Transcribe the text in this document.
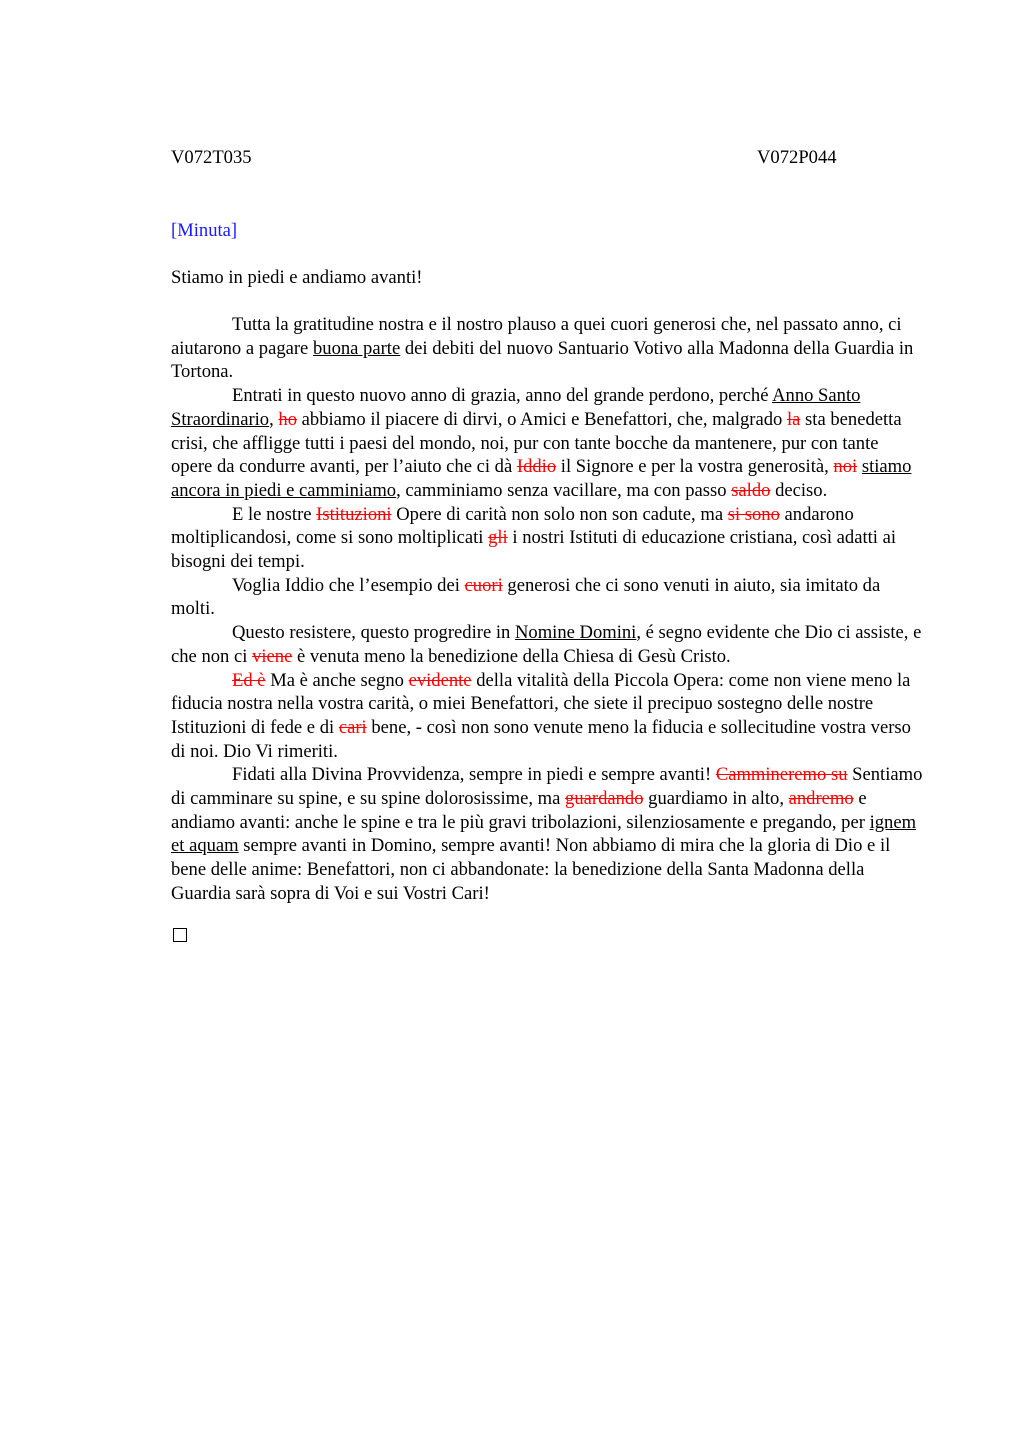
V072T035	V072P044
[Minuta]
Stiamo in piedi e andiamo avanti!

Tutta la gratitudine nostra e il nostro plauso a quei cuori generosi che, nel passato anno, ci aiutarono a pagare buona parte dei debiti del nuovo Santuario Votivo alla Madonna della Guardia in Tortona.

Entrati in questo nuovo anno di grazia, anno del grande perdono, perché Anno Santo Straordinario, ho abbiamo il piacere di dirvi, o Amici e Benefattori, che, malgrado la sta benedetta crisi, che affligge tutti i paesi del mondo, noi, pur con tante bocche da mantenere, pur con tante opere da condurre avanti, per l’aiuto che ci dà Iddio il Signore e per la vostra generosità, noi stiamo ancora in piedi e camminiamo, camminiamo senza vacillare, ma con passo saldo deciso.

E le nostre Istituzioni Opere di carità non solo non son cadute, ma si sono andarono moltiplicandosi, come si sono moltiplicati gli i nostri Istituti di educazione cristiana, così adatti ai bisogni dei tempi.

Voglia Iddio che l’esempio dei cuori generosi che ci sono venuti in aiuto, sia imitato da molti.

Questo resistere, questo progredire in Nomine Domini, é segno evidente che Dio ci assiste, e che non ci viene è venuta meno la benedizione della Chiesa di Gesù Cristo.

Ed è Ma è anche segno evidente della vitalità della Piccola Opera: come non viene meno la fiducia nostra nella vostra carità, o miei Benefattori, che siete il precipuo sostegno delle nostre Istituzioni di fede e di cari bene, - così non sono venute meno la fiducia e sollecitudine vostra verso di noi. Dio Vi rimeriti.

Fidati alla Divina Provvidenza, sempre in piedi e sempre avanti! Cammineremo su Sentiamo di camminare su spine, e su spine dolorosissime, ma guardando guardiamo in alto, andremo e andiamo avanti: anche le spine e tra le più gravi tribolazioni, silenziosamente e pregando, per ignem et aquam sempre avanti in Domino, sempre avanti! Non abbiamo di mira che la gloria di Dio e il bene delle anime: Benefattori, non ci abbandonate: la benedizione della Santa Madonna della Guardia sarà sopra di Voi e sui Vostri Cari!
